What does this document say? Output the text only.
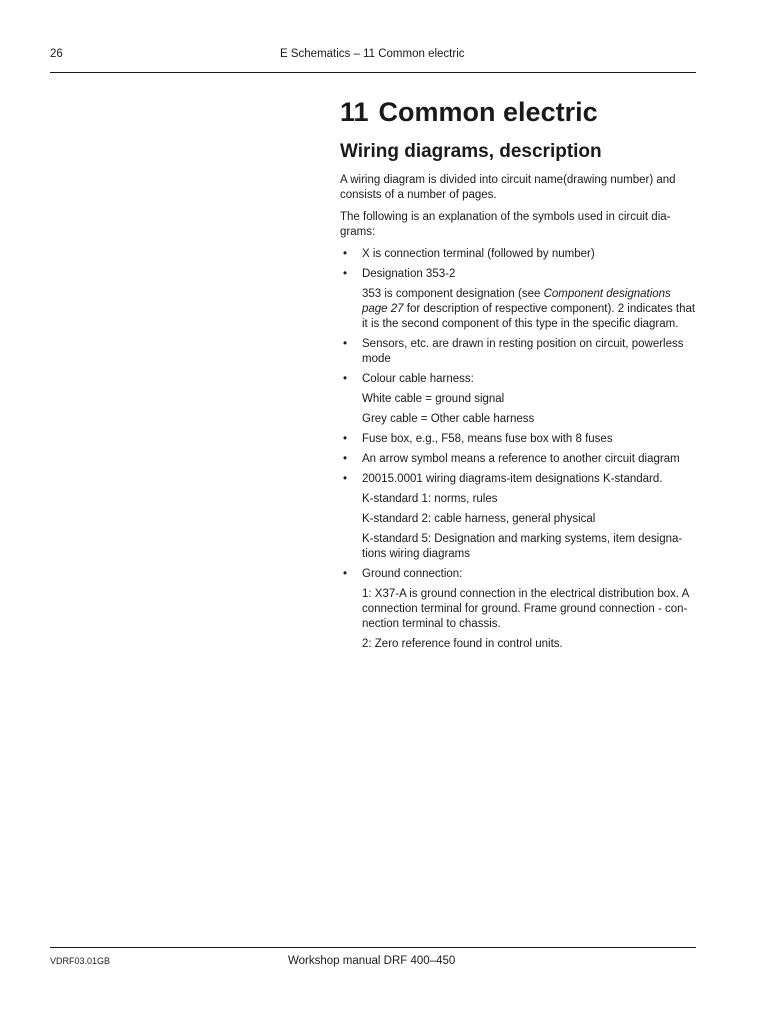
26	E Schematics – 11 Common electric
11 Common electric
Wiring diagrams, description

A wiring diagram is divided into circuit name(drawing number) and consists of a number of pages.

The following is an explanation of the symbols used in circuit dia-grams:

• X is connection terminal (followed by number)
• Designation 353-2
353 is component designation (see Component designations page 27 for description of respective component). 2 indicates that it is the second component of this type in the specific diagram.
• Sensors, etc. are drawn in resting position on circuit, powerless mode
• Colour cable harness:
White cable = ground signal
Grey cable = Other cable harness
• Fuse box, e.g., F58, means fuse box with 8 fuses
• An arrow symbol means a reference to another circuit diagram
• 20015.0001 wiring diagrams-item designations K-standard.
K-standard 1: norms, rules
K-standard 2: cable harness, general physical
K-standard 5: Designation and marking systems, item designa-tions wiring diagrams
• Ground connection:
1: X37-A is ground connection in the electrical distribution box. A connection terminal for ground. Frame ground connection - con-nection terminal to chassis.
2: Zero reference found in control units.
VDRF03.01GB	Workshop manual DRF 400–450
